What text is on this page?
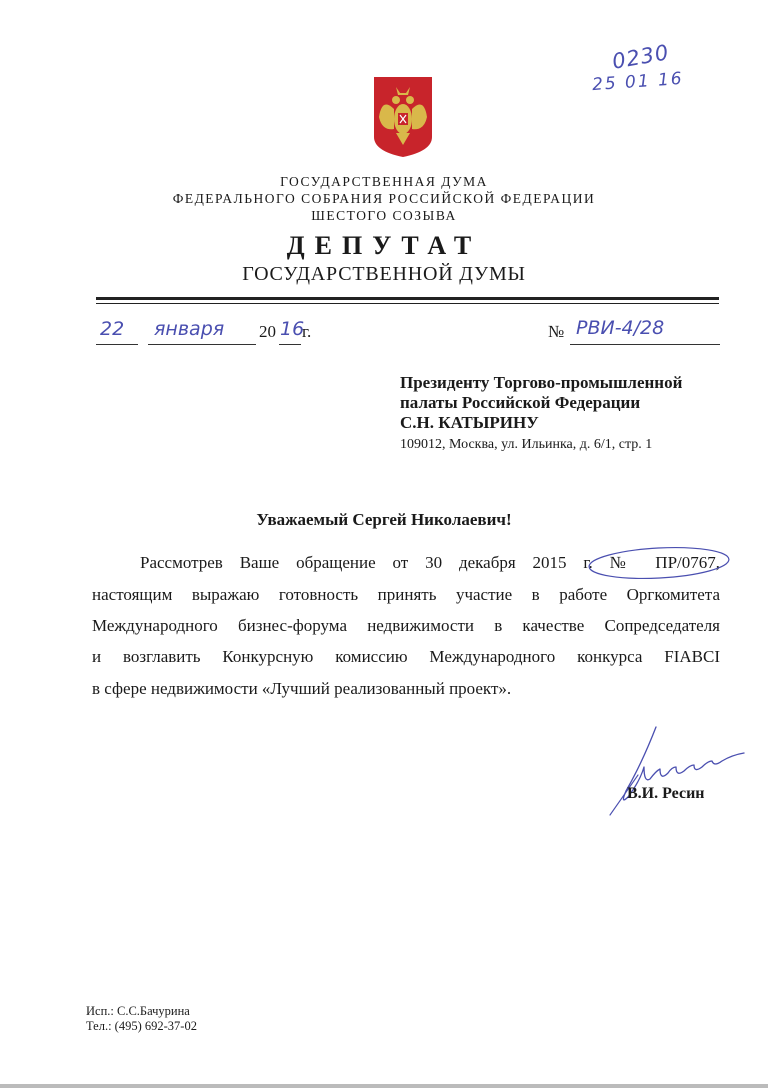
0230
25 01 16
ГОСУДАРСТВЕННАЯ ДУМА
ФЕДЕРАЛЬНОГО СОБРАНИЯ РОССИЙСКОЙ ФЕДЕРАЦИИ
ШЕСТОГО СОЗЫВА
ДЕПУТАТ
ГОСУДАРСТВЕННОЙ ДУМЫ
22 января 20 16
г.	№ РВИ-4/28
Президенту Торгово-промышленной
палаты Российской Федерации
С.Н. КАТЫРИНУ
109012, Москва, ул. Ильинка, д. 6/1, стр. 1
Уважаемый Сергей Николаевич!
Рассмотрев Ваше обращение от 30 декабря 2015 г. № ПР/0767,
настоящим выражаю готовность принять участие в работе Оргкомитета
Международного бизнес-форума недвижимости в качестве Сопредседателя
и возглавить Конкурсную комиссию Международного конкурса FIABCI
в сфере недвижимости «Лучший реализованный проект».
В.И. Ресин
Исп.: С.С.Бачурина
Тел.: (495) 692-37-02
